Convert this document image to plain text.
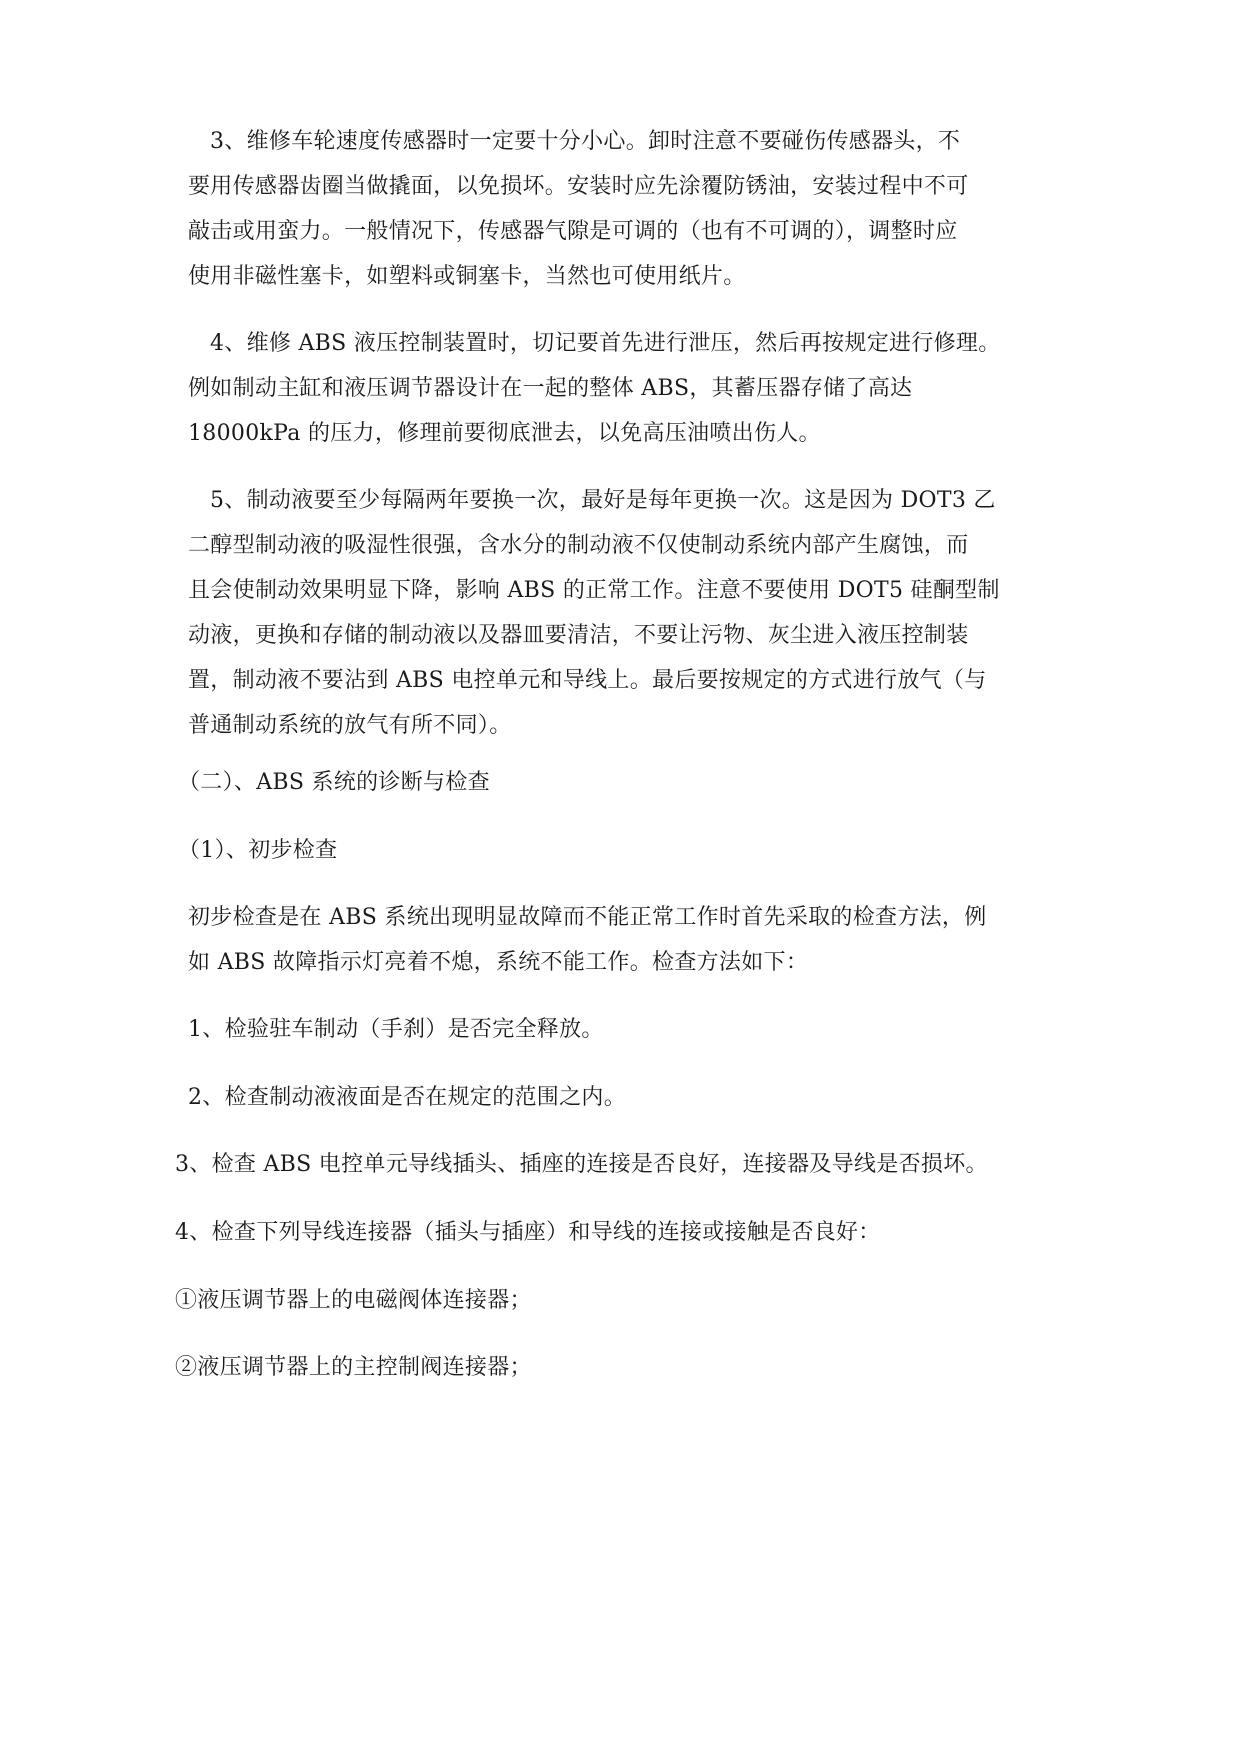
3、维修车轮速度传感器时一定要十分小心。卸时注意不要碰伤传感器头，不
要用传感器齿圈当做撬面，以免损坏。安装时应先涂覆防锈油，安装过程中不可
敲击或用蛮力。一般情况下，传感器气隙是可调的（也有不可调的），调整时应
使用非磁性塞卡，如塑料或铜塞卡，当然也可使用纸片。
4、维修 ABS 液压控制装置时，切记要首先进行泄压，然后再按规定进行修理。
例如制动主缸和液压调节器设计在一起的整体 ABS，其蓄压器存储了高达
18000kPa 的压力，修理前要彻底泄去，以免高压油喷出伤人。
5、制动液要至少每隔两年要换一次，最好是每年更换一次。这是因为 DOT3 乙
二醇型制动液的吸湿性很强，含水分的制动液不仅使制动系统内部产生腐蚀，而
且会使制动效果明显下降，影响 ABS 的正常工作。注意不要使用 DOT5 硅酮型制
动液，更换和存储的制动液以及器皿要清洁，不要让污物、灰尘进入液压控制装
置，制动液不要沾到 ABS 电控单元和导线上。最后要按规定的方式进行放气（与
普通制动系统的放气有所不同）。
（二）、ABS 系统的诊断与检查
（1）、初步检查
初步检查是在 ABS 系统出现明显故障而不能正常工作时首先采取的检查方法，例
如 ABS 故障指示灯亮着不熄，系统不能工作。检查方法如下：
1、检验驻车制动（手刹）是否完全释放。
2、检查制动液液面是否在规定的范围之内。
3、检查 ABS 电控单元导线插头、插座的连接是否良好，连接器及导线是否损坏。
4、检查下列导线连接器（插头与插座）和导线的连接或接触是否良好：
①液压调节器上的电磁阀体连接器；
②液压调节器上的主控制阀连接器；
